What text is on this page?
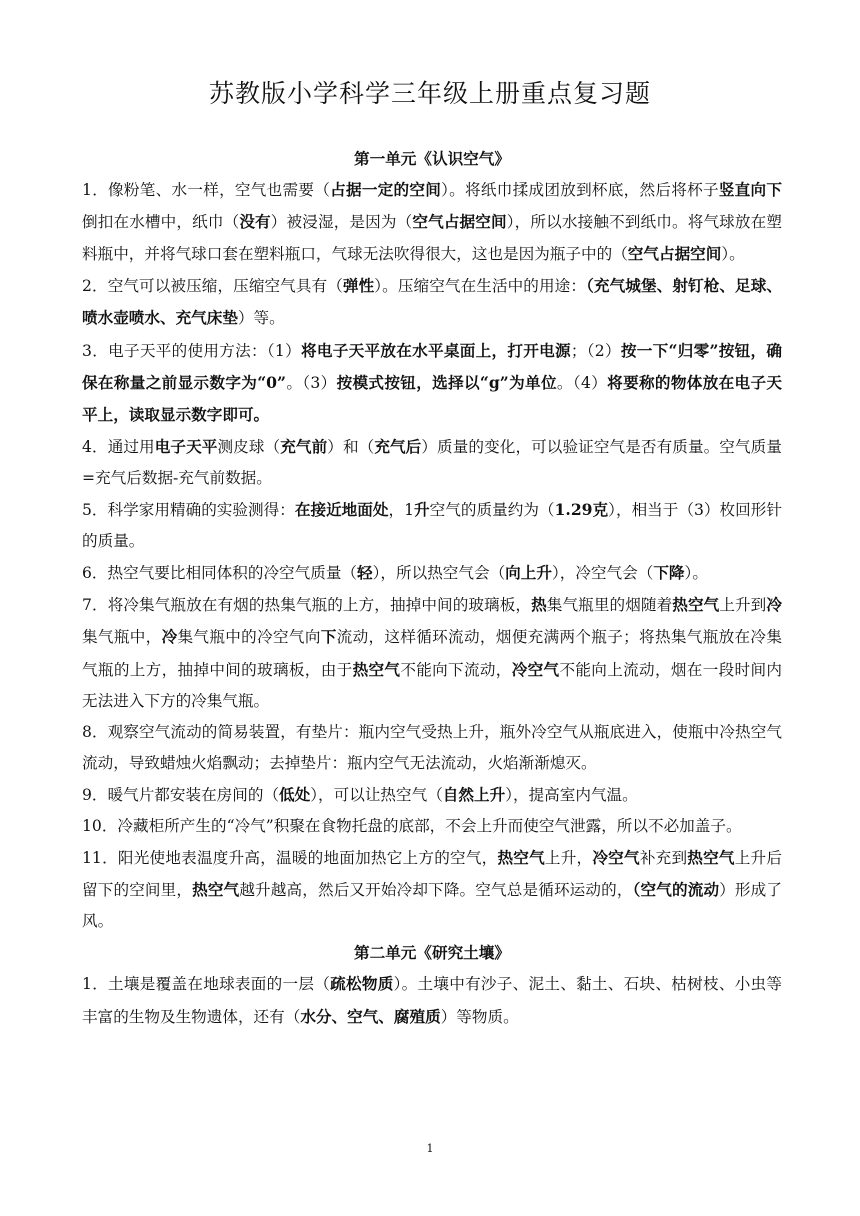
苏教版小学科学三年级上册重点复习题

第一单元《认识空气》

1．像粉笔、水一样，空气也需要（占据一定的空间）。将纸巾揉成团放到杯底，然后将杯子竖直向下倒扣在水槽中，纸巾（没有）被浸湿，是因为（空气占据空间），所以水接触不到纸巾。将气球放在塑料瓶中，并将气球口套在塑料瓶口，气球无法吹得很大，这也是因为瓶子中的（空气占据空间）。

2．空气可以被压缩，压缩空气具有（弹性）。压缩空气在生活中的用途：（充气城堡、射钉枪、足球、喷水壶喷水、充气床垫）等。

3．电子天平的使用方法：（1）将电子天平放在水平桌面上，打开电源；（2）按一下“归零”按钮，确保在称量之前显示数字为“0”。（3）按模式按钮，选择以“g”为单位。（4）将要称的物体放在电子天平上，读取显示数字即可。

4．通过用电子天平测皮球（充气前）和（充气后）质量的变化，可以验证空气是否有质量。空气质量=充气后数据-充气前数据。

5．科学家用精确的实验测得：在接近地面处，1升空气的质量约为（1.29克），相当于（3）枚回形针的质量。

6．热空气要比相同体积的冷空气质量（轻），所以热空气会（向上升），冷空气会（下降）。

7．将冷集气瓶放在有烟的热集气瓶的上方，抽掉中间的玻璃板，热集气瓶里的烟随着热空气上升到冷集气瓶中，冷集气瓶中的冷空气向下流动，这样循环流动，烟便充满两个瓶子；将热集气瓶放在冷集气瓶的上方，抽掉中间的玻璃板，由于热空气不能向下流动，冷空气不能向上流动，烟在一段时间内无法进入下方的冷集气瓶。

8．观察空气流动的简易装置，有垫片：瓶内空气受热上升，瓶外冷空气从瓶底进入，使瓶中冷热空气流动，导致蜡烛火焰飘动；去掉垫片：瓶内空气无法流动，火焰渐渐熄灭。

9．暖气片都安装在房间的（低处），可以让热空气（自然上升），提高室内气温。

10．冷藏柜所产生的“冷气”积聚在食物托盘的底部，不会上升而使空气泄露，所以不必加盖子。

11．阳光使地表温度升高，温暖的地面加热它上方的空气，热空气上升，冷空气补充到热空气上升后留下的空间里，热空气越升越高，然后又开始冷却下降。空气总是循环运动的，（空气的流动）形成了风。

第二单元《研究土壤》

1．土壤是覆盖在地球表面的一层（疏松物质）。土壤中有沙子、泥土、黏土、石块、枯树枝、小虫等丰富的生物及生物遗体，还有（水分、空气、腐殖质）等物质。

1
